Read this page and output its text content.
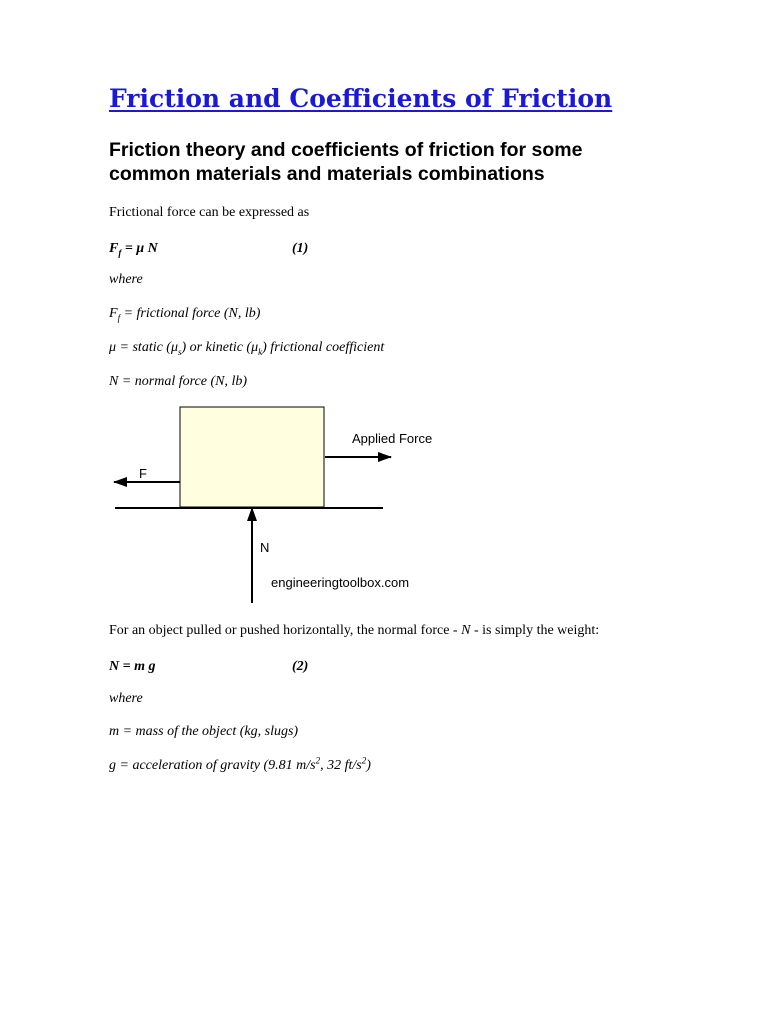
Friction and Coefficients of Friction
Friction theory and coefficients of friction for some common materials and materials combinations
Frictional force can be expressed as
$F_f = \mu$ N	(1)
where
$F_f$ = frictional force (N, lb)
μ = static $(\mu_s)$ or kinetic $(\mu_k)$ frictional coefficient
N = normal force (N, lb)
Applied Force
F
N
engineeringtoolbox.com
For an object pulled or pushed horizontally, the normal force - N - is simply the weight:
N = m g	(2)
where
m = mass of the object (kg, slugs)
g = acceleration of gravity (9.81 $m/s^2$, 32 $ft/s^2$)
